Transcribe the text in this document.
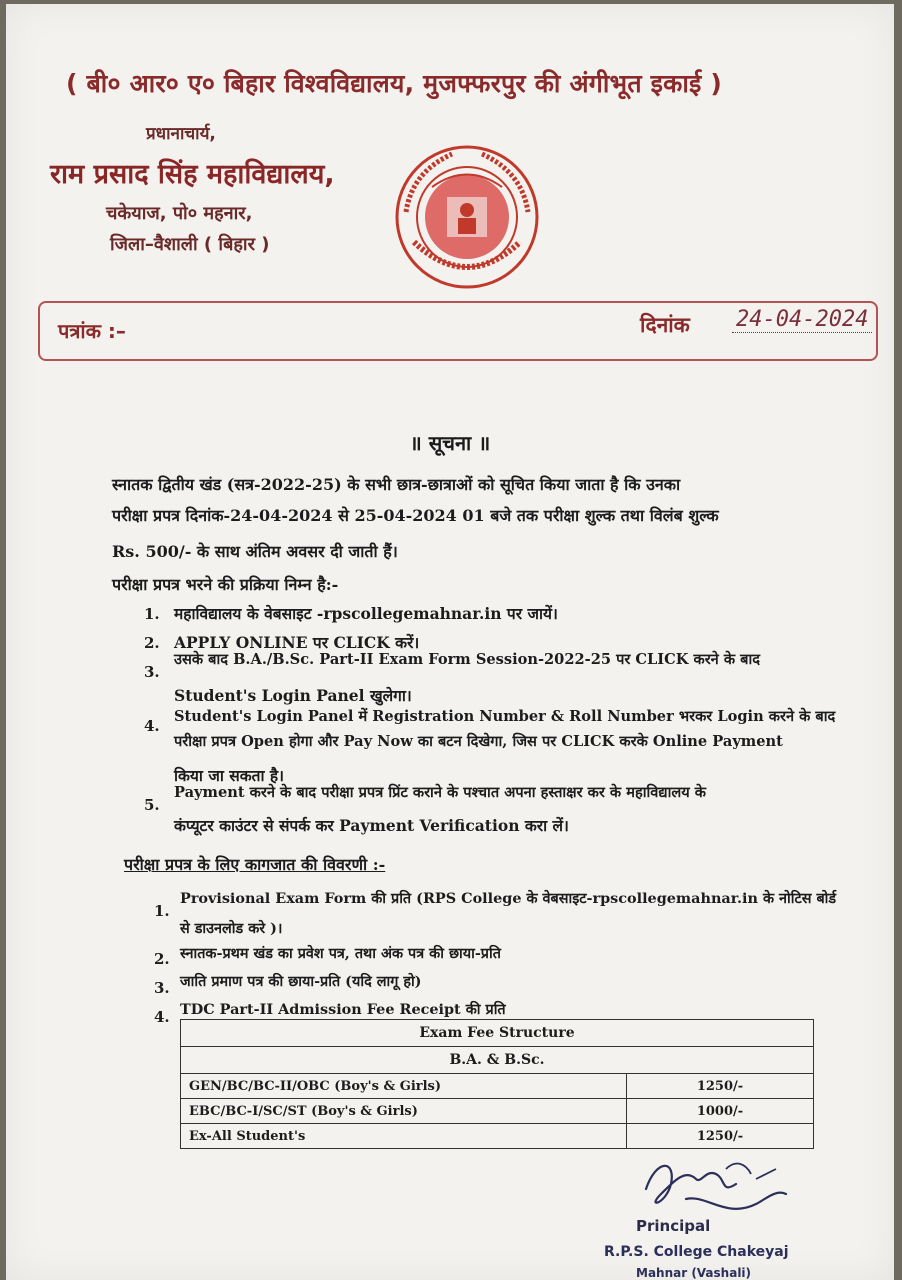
( बी० आर० ए० बिहार विश्वविद्यालय, मुजफ्फरपुर की अंगीभूत इकाई )
प्रधानाचार्य,
राम प्रसाद सिंह महाविद्यालय,
चकेयाज, पो० महनार,
जिला–वैशाली ( बिहार )
पत्रांक :–	दिनांक 24-04-2024
॥ सूचना ॥
स्नातक द्वितीय खंड (सत्र-2022-25) के सभी छात्र-छात्राओं को सूचित किया जाता है कि उनका
परीक्षा प्रपत्र दिनांक-24-04-2024 से 25-04-2024 01 बजे तक परीक्षा शुल्क तथा विलंब शुल्क
Rs. 500/- के साथ अंतिम अवसर दी जाती हैं।
परीक्षा प्रपत्र भरने की प्रक्रिया निम्न है:-
1. महाविद्यालय के वेबसाइट -rpscollegemahnar.in पर जायें।
2. APPLY ONLINE पर CLICK करें।
3.
उसके बाद B.A./B.Sc. Part-II Exam Form Session-2022-25 पर CLICK करने के बाद
Student's Login Panel खुलेगा।
4.
Student's Login Panel में Registration Number & Roll Number भरकर Login करने के बाद
परीक्षा प्रपत्र Open होगा और Pay Now का बटन दिखेगा, जिस पर CLICK करके Online Payment
किया जा सकता है।
5.
Payment करने के बाद परीक्षा प्रपत्र प्रिंट कराने के पश्चात अपना हस्ताक्षर कर के महाविद्यालय के
कंप्यूटर काउंटर से संपर्क कर Payment Verification करा लें।
परीक्षा प्रपत्र के लिए कागजात की विवरणी :-
1.
Provisional Exam Form की प्रति (RPS College के वेबसाइट-rpscollegemahnar.in के नोटिस बोर्ड
से डाउनलोड करे )।
2. स्नातक-प्रथम खंड का प्रवेश पत्र, तथा अंक पत्र की छाया-प्रति
3. जाति प्रमाण पत्र की छाया-प्रति (यदि लागू हो)
4. TDC Part-II Admission Fee Receipt की प्रति
Exam Fee Structure	
B.A. & B.Sc.	
GEN/BC/BC-II/OBC (Boy's & Girls)	1250/-
EBC/BC-I/SC/ST (Boy's & Girls)	1000/-
Ex-All Student's	1250/-
Principal
R.P.S. College Chakeyaj
Mahnar (Vashali)
